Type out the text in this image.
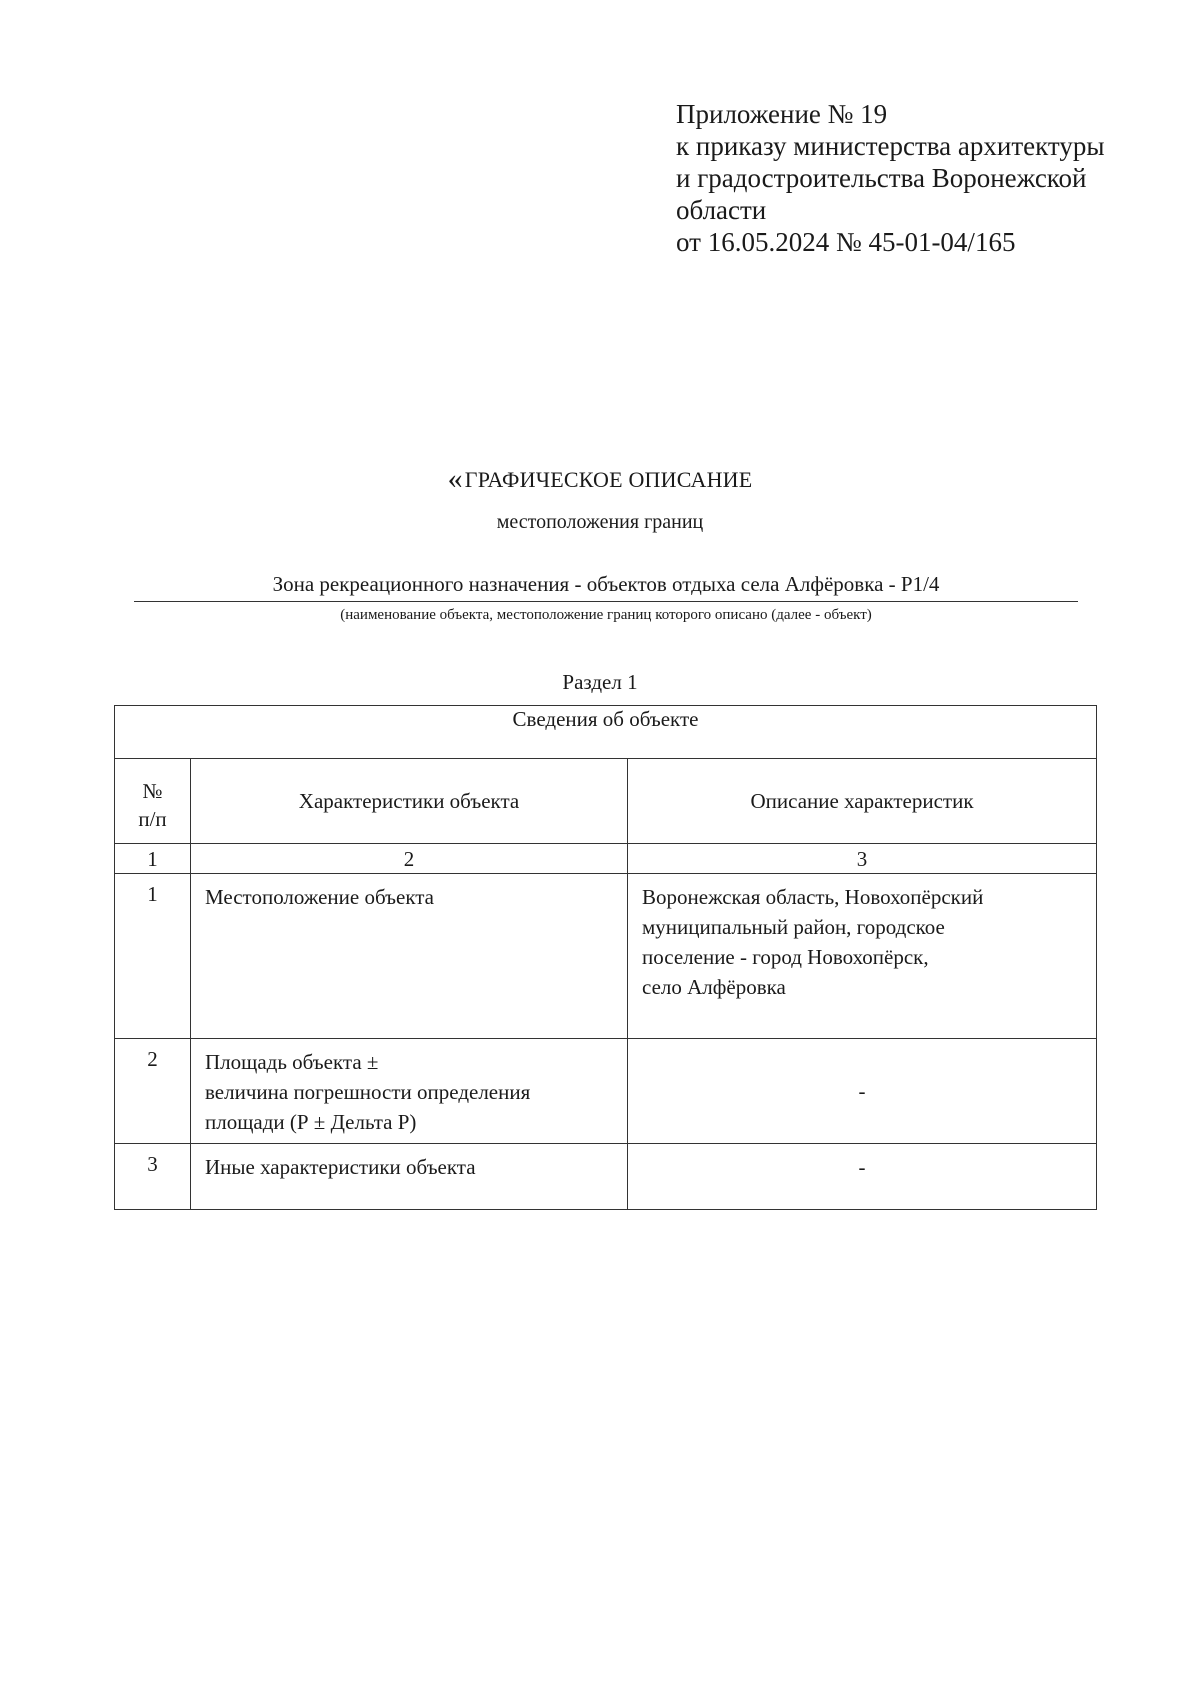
Приложение № 19
к приказу министерства архитектуры
и градостроительства Воронежской
области
от 16.05.2024 № 45-01-04/165
«ГРАФИЧЕСКОЕ ОПИСАНИЕ
местоположения границ
Зона рекреационного назначения - объектов отдыха села Алфёровка - Р1/4
(наименование объекта, местоположение границ которого описано (далее - объект)
Раздел 1
Сведения об объекте		

№
п/п	Характеристики объекта	Описание характеристик
1	2	3
1	Местоположение объекта	Воронежская область, Новохопёрский
муниципальный район, городское
поселение - город Новохопёрск,
село Алфёровка

2	Площадь объекта ±
величина погрешности определения
площади (Р ± Дельта Р)	-
3	Иные характеристики объекта	-
